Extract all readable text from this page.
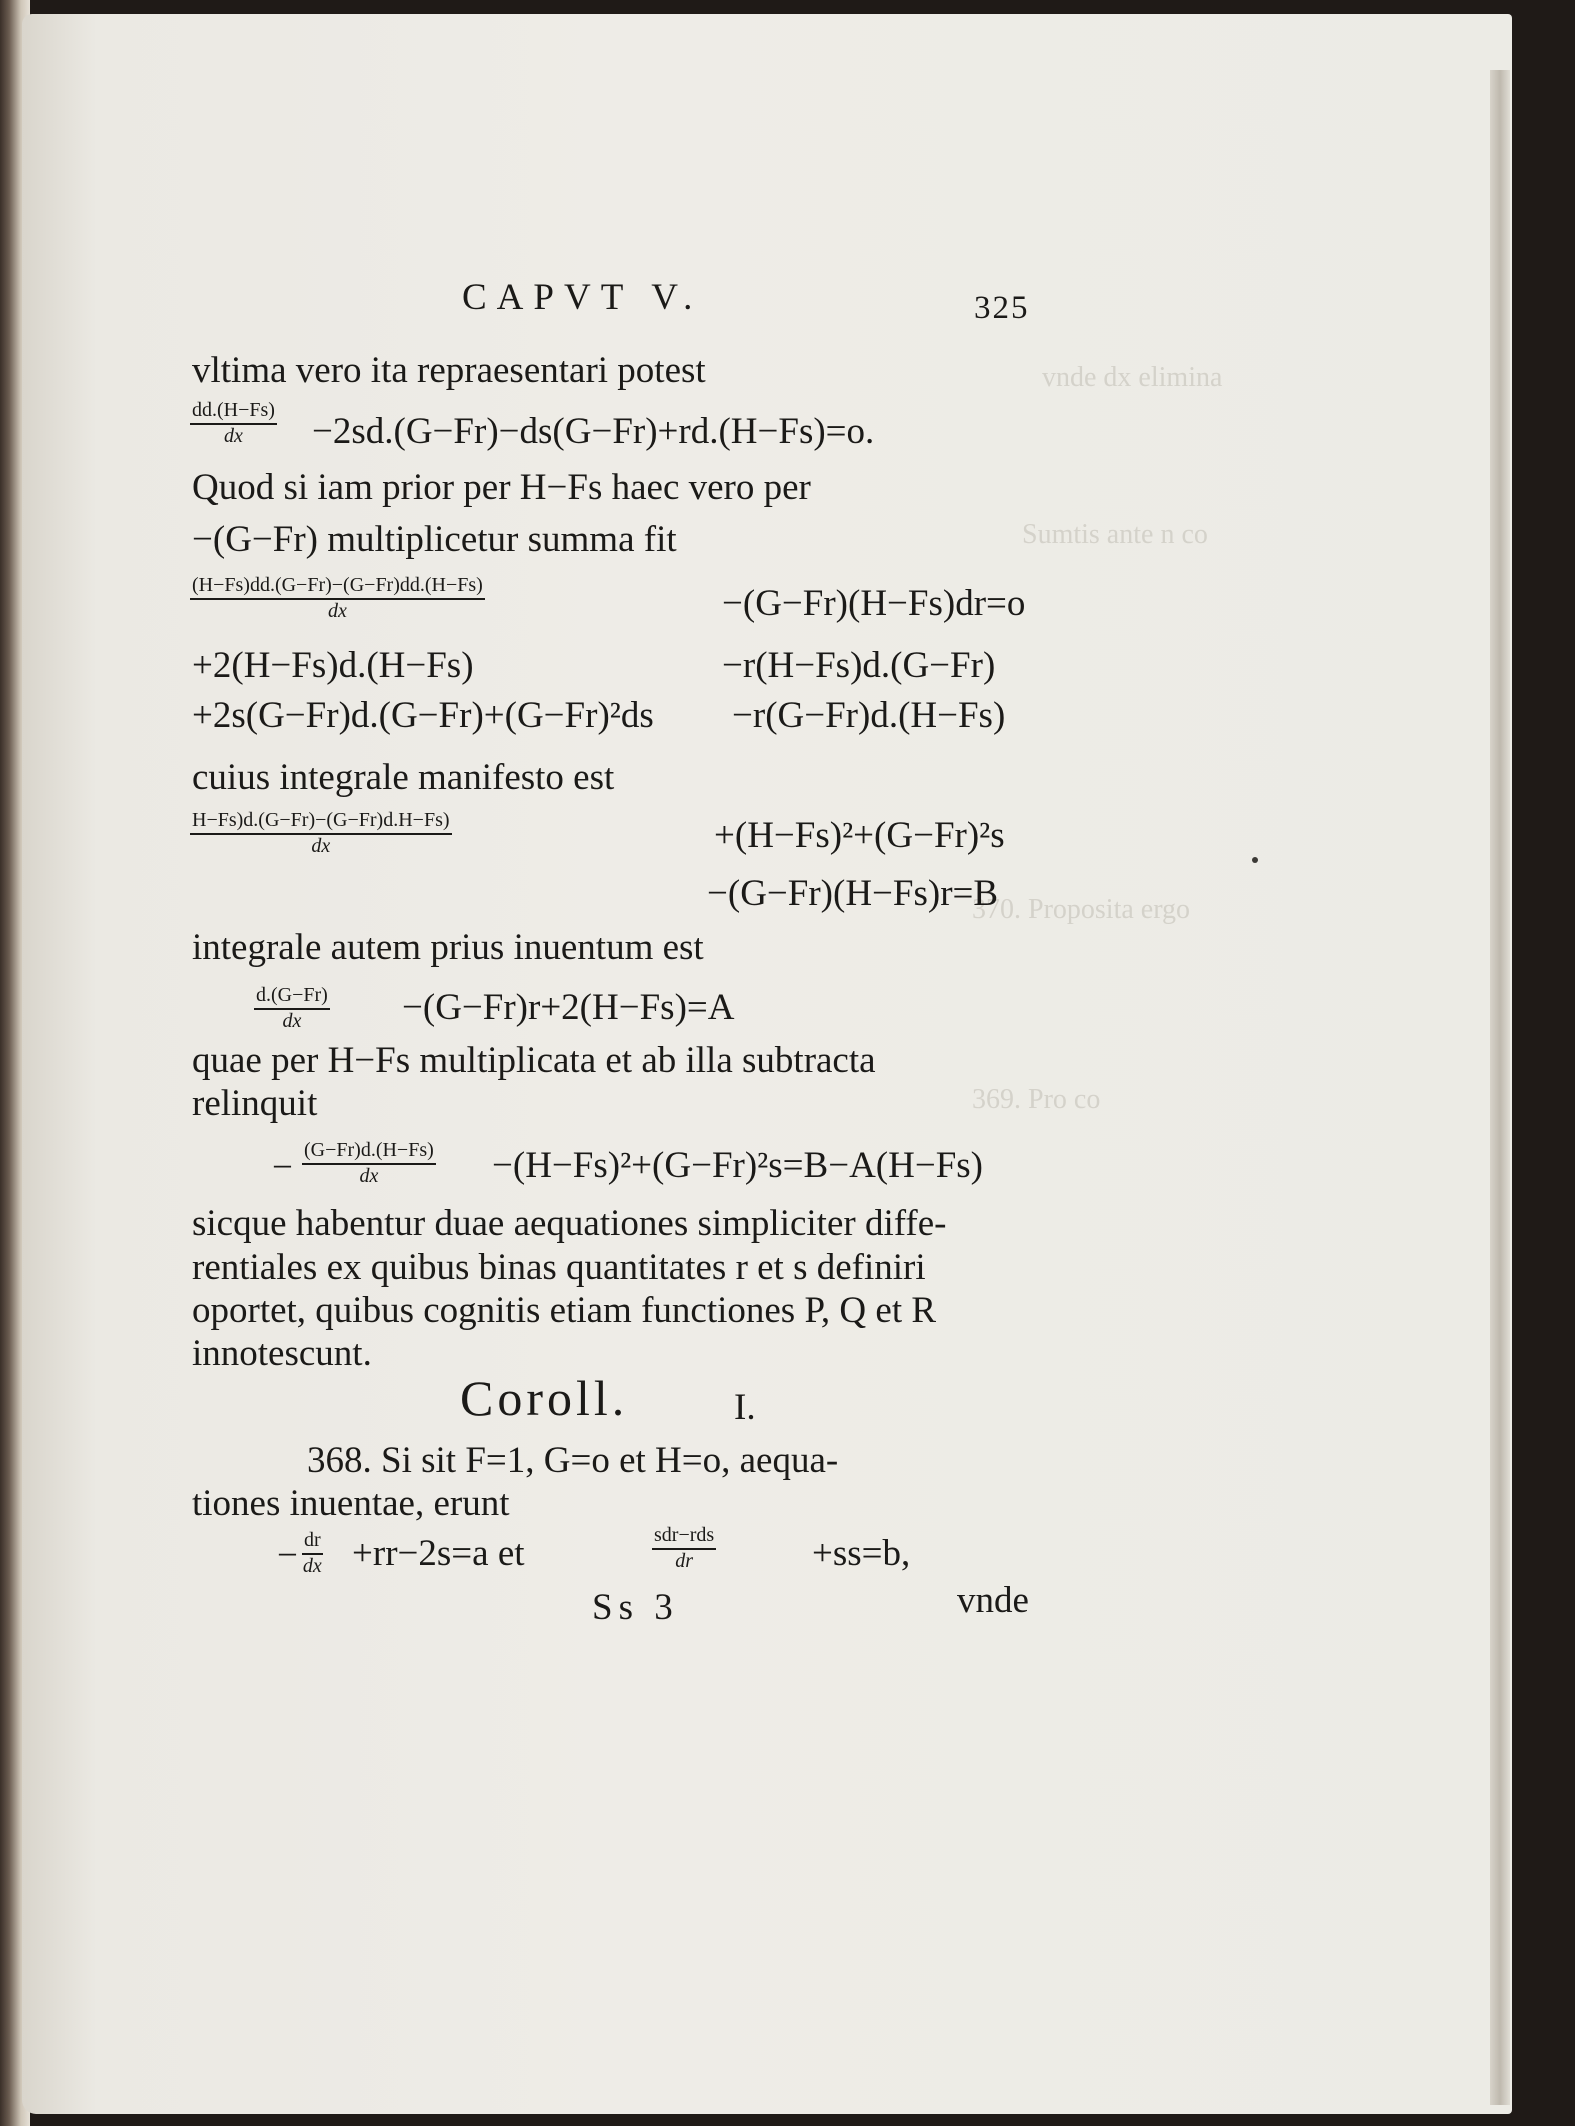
vnde dx elimina
Sumtis ante n co
370. Proposita ergo
369. Pro co
CAPVT V.	325
vltima vero ita repraesentari potest
$\frac{dd.(H-Fs)}{dx} -2sd.(G-Fr)-ds(G-Fr)+rd.(H-Fs)=o$.
Quod si iam prior per H−Fs haec vero per
−(G−Fr) multiplicetur summa fit
$\frac{(H-Fs)dd.(G-Fr)-(G-Fr)dd.(H-Fs)}{dx}$	−(G−Fr)(H−Fs)dr=o
+2(H−Fs)d.(H−Fs)	−r(H−Fs)d.(G−Fr)
+2s(G−Fr)d.(G−Fr)+(G−Fr)²ds −r(G−Fr)d.(H−Fs)
cuius integrale manifesto est
$\frac{H-Fs)d.(G-Fr)-(G-Fr)d.H-Fs)}{dx}$	+(H−Fs)²+(G−Fr)²s
−(G−Fr)(H−Fs)r=B
integrale autem prius inuentum est
$\frac{d.(G-Fr)}{dx} -(G-Fr)r+2(H-Fs)=A$
quae per H−Fs multiplicata et ab illa subtracta
relinquit
− $\frac{(G-Fr)d.(H-Fs)}{dx} -(H-Fs)^2+(G-Fr)^2s=B-A(H-Fs)$
sicque habentur duae aequationes simpliciter diffe-
rentiales ex quibus binas quantitates r et s definiri
oportet, quibus cognitis etiam functiones P, Q et R
innotescunt.
Coroll.	I.
368. Si sit F=1, G=o et H=o, aequa-
tiones inuentae, erunt
− $\frac{dr}{dx} +rr-2s=a$ et	sdr−rds
dr	+ss=b,
Ss 3	vnde
